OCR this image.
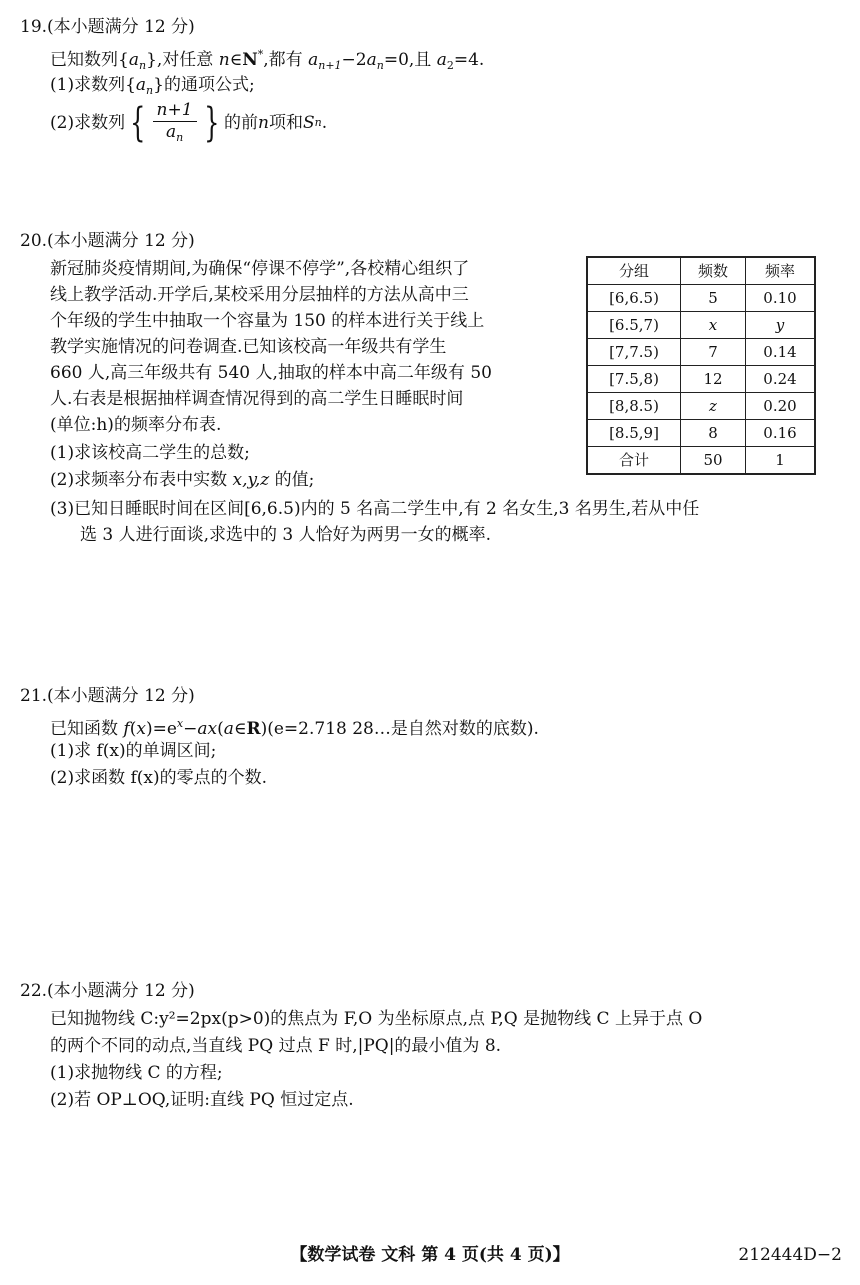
19.(本小题满分 12 分)
已知数列$\{a_n\}$,对任意 n∈N*,都有 $a_{n+1}-2a_n=0$,且 $a_2=4$.
(1)求数列$\{a_n\}$的通项公式;
(2)求数列 { $\frac{n+1}{a_n}$ } 的前 n 项和 S n .
20.(本小题满分 12 分)
新冠肺炎疫情期间,为确保“停课不停学”,各校精心组织了
线上教学活动.开学后,某校采用分层抽样的方法从高中三
个年级的学生中抽取一个容量为 150 的样本进行关于线上
教学实施情况的问卷调查.已知该校高一年级共有学生
660 人,高三年级共有 540 人,抽取的样本中高二年级有 50
人.右表是根据抽样调查情况得到的高二学生日睡眠时间
(单位:h)的频率分布表.
(1)求该校高二学生的总数;
(2)求频率分布表中实数 x,y,z 的值;
(3)已知日睡眠时间在区间[6,6.5)内的 5 名高二学生中,有 2 名女生,3 名男生,若从中任
选 3 人进行面谈,求选中的 3 人恰好为两男一女的概率.
分组	频数	频率
[6,6.5)	5	0.10
[6.5,7)	x	y
[7,7.5)	7	0.14
[7.5,8)	12	0.24
[8,8.5)	z	0.20
[8.5,9]	8	0.16
合计	50	1
21.(本小题满分 12 分)
已知函数 $f(x)=e^x-ax(a\in R)(e=2.718$ 28…是自然对数的底数).
(1)求 f(x)的单调区间;
(2)求函数 f(x)的零点的个数.
22.(本小题满分 12 分)
已知抛物线 C:y²=2px(p>0)的焦点为 F,O 为坐标原点,点 P,Q 是抛物线 C 上异于点 O
的两个不同的动点,当直线 PQ 过点 F 时,|PQ|的最小值为 8.
(1)求抛物线 C 的方程;
(2)若 OP⊥OQ,证明:直线 PQ 恒过定点.
【数学试卷 文科 第 4 页(共 4 页)】	212444D−2
